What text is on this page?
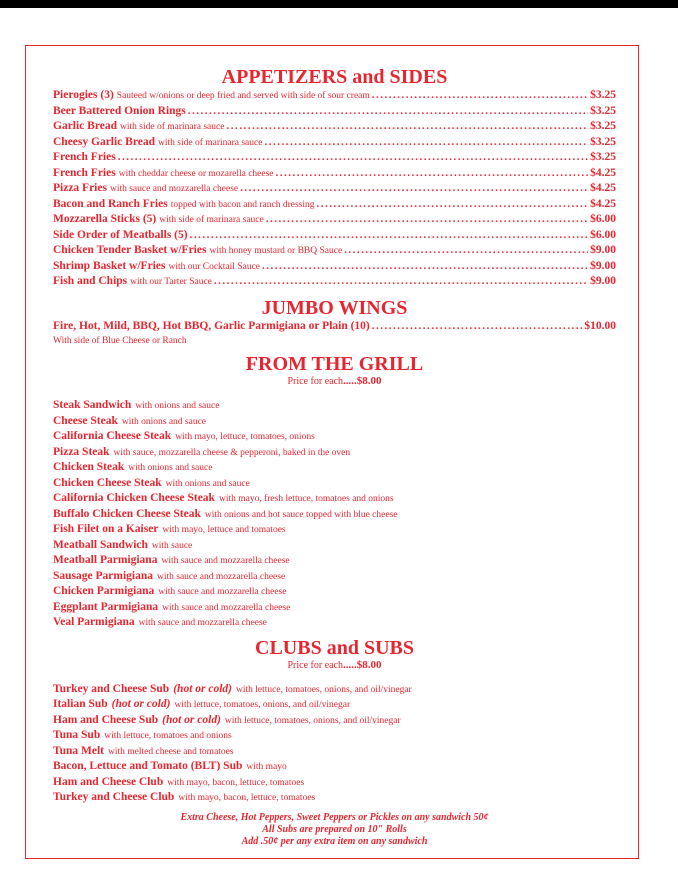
APPETIZERS and SIDES
Pierogies (3) Sauteed w/onions or deep fried and served with side of sour cream .....	$3.25
Beer Battered Onion Rings .....	$3.25
Garlic Bread with side of marinara sauce .....	$3.25
Cheesy Garlic Bread with side of marinara sauce .....	$3.25
French Fries .....	$3.25
French Fries with cheddar cheese or mozarella cheese .....	$4.25
Pizza Fries with sauce and mozzarella cheese .....	$4.25
Bacon and Ranch Fries topped with bacon and ranch dressing .....	$4.25
Mozzarella Sticks (5) with side of marinara sauce .....	$6.00
Side Order of Meatballs (5) .....	$6.00
Chicken Tender Basket w/Fries with honey mustard or BBQ Sauce .....	$9.00
Shrimp Basket w/Fries with our Cocktail Sauce .....	$9.00
Fish and Chips with our Tarter Sauce .....	$9.00
JUMBO WINGS
Fire, Hot, Mild, BBQ, Hot BBQ, Garlic Parmigiana or Plain (10) .....	$10.00
With side of Blue Cheese or Ranch
FROM THE GRILL
Price for each.....$8.00
Steak Sandwich with onions and sauce
Cheese Steak with onions and sauce
California Cheese Steak with mayo, lettuce, tomatoes, onions
Pizza Steak with sauce, mozzarella cheese & pepperoni, baked in the oven
Chicken Steak with onions and sauce
Chicken Cheese Steak with onions and sauce
California Chicken Cheese Steak with mayo, fresh lettuce, tomatoes and onions
Buffalo Chicken Cheese Steak with onions and hot sauce topped with blue cheese
Fish Filet on a Kaiser with mayo, lettuce and tomatoes
Meatball Sandwich with sauce
Meatball Parmigiana with sauce and mozzarella cheese
Sausage Parmigiana with sauce and mozzarella cheese
Chicken Parmigiana with sauce and mozzarella cheese
Eggplant Parmigiana with sauce and mozzarella cheese
Veal Parmigiana with sauce and mozzarella cheese
CLUBS and SUBS
Price for each.....$8.00
Turkey and Cheese Sub (hot or cold) with lettuce, tomatoes, onions, and oil/vinegar
Italian Sub (hot or cold) with lettuce, tomatoes, onions, and oil/vinegar
Ham and Cheese Sub (hot or cold) with lettuce, tomatoes, onions, and oil/vinegar
Tuna Sub with lettuce, tomatoes and onions
Tuna Melt with melted cheese and tomatoes
Bacon, Lettuce and Tomato (BLT) Sub with mayo
Ham and Cheese Club with mayo, bacon, lettuce, tomatoes
Turkey and Cheese Club with mayo, bacon, lettuce, tomatoes
Extra Cheese, Hot Peppers, Sweet Peppers or Pickles on any sandwich 50¢
All Subs are prepared on 10" Rolls
Add .50¢ per any extra item on any sandwich
